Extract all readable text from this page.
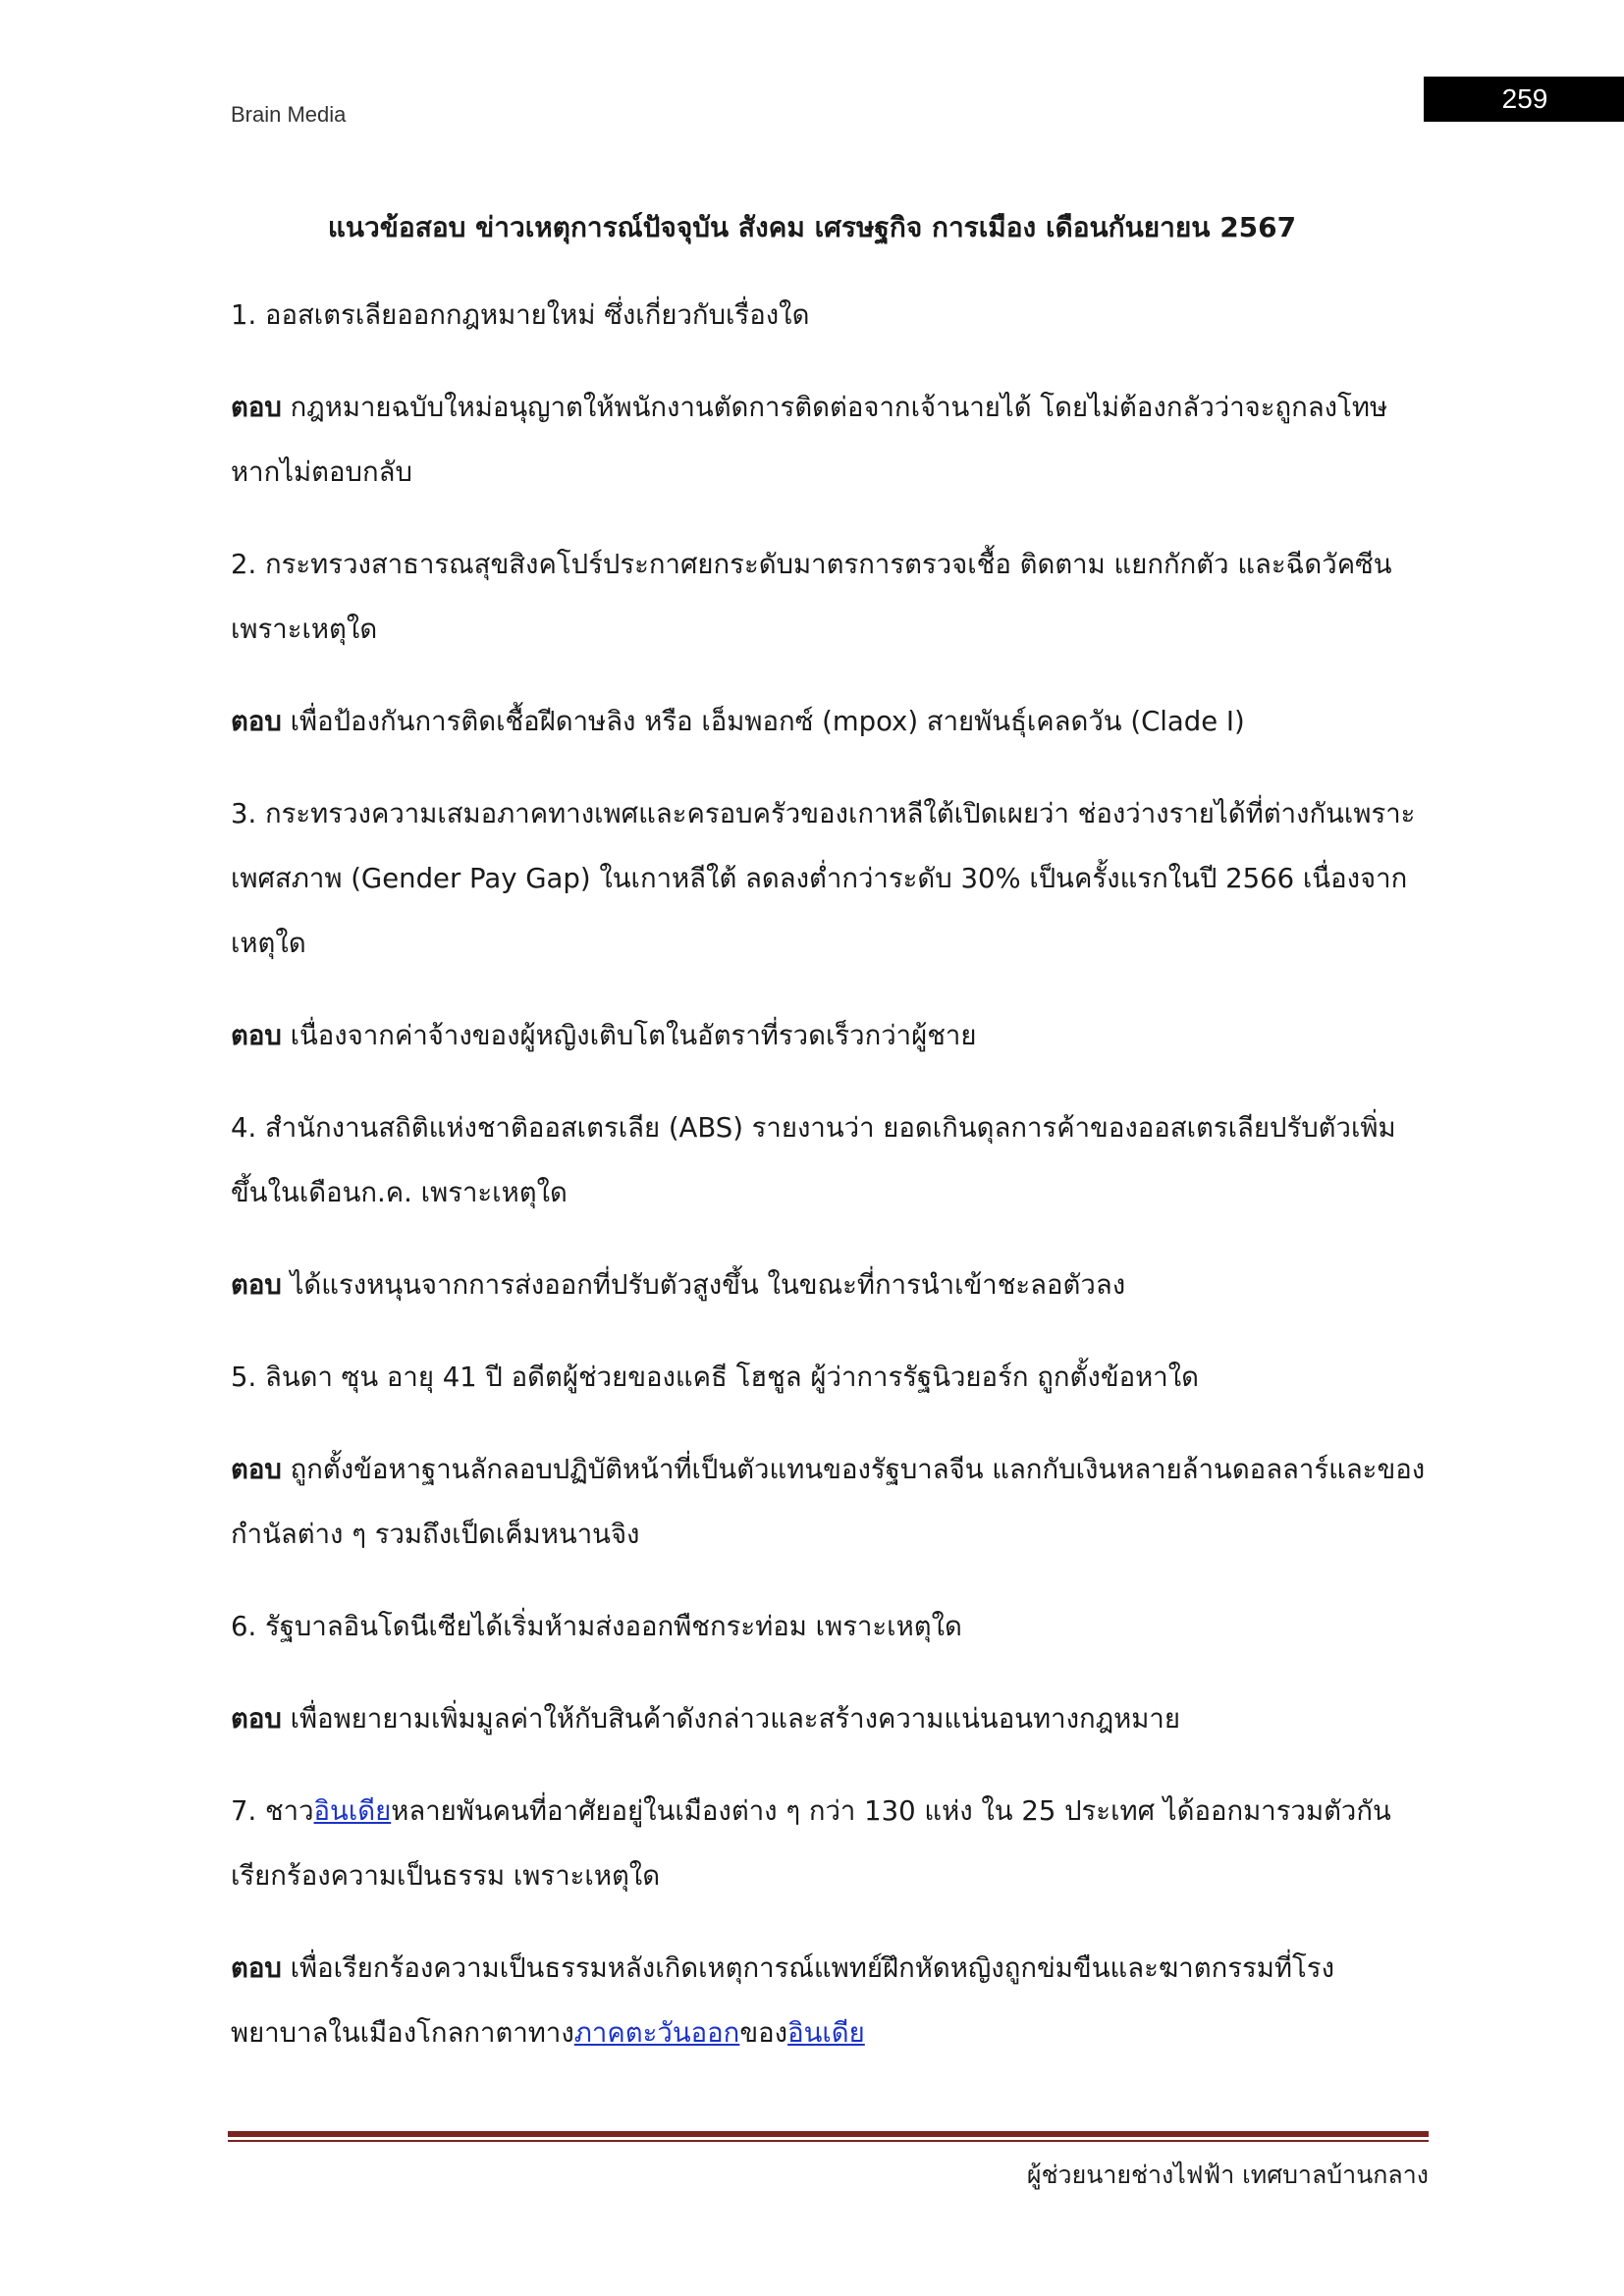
Brain Media
259
แนวข้อสอบ ข่าวเหตุการณ์ปัจจุบัน สังคม เศรษฐกิจ การเมือง เดือนกันยายน 2567

1. ออสเตรเลียออกกฎหมายใหม่ ซึ่งเกี่ยวกับเรื่องใด

ตอบ กฎหมายฉบับใหม่อนุญาตให้พนักงานตัดการติดต่อจากเจ้านายได้ โดยไม่ต้องกลัวว่าจะถูกลงโทษหากไม่ตอบกลับ

2. กระทรวงสาธารณสุขสิงคโปร์ประกาศยกระดับมาตรการตรวจเชื้อ ติดตาม แยกกักตัว และฉีดวัคซีนเพราะเหตุใด

ตอบ เพื่อป้องกันการติดเชื้อฝีดาษลิง หรือ เอ็มพอกซ์ (mpox) สายพันธุ์เคลดวัน (Clade I)

3. กระทรวงความเสมอภาคทางเพศและครอบครัวของเกาหลีใต้เปิดเผยว่า ช่องว่างรายได้ที่ต่างกันเพราะเพศสภาพ (Gender Pay Gap) ในเกาหลีใต้ ลดลงต่ำกว่าระดับ 30% เป็นครั้งแรกในปี 2566 เนื่องจากเหตุใด

ตอบ เนื่องจากค่าจ้างของผู้หญิงเติบโตในอัตราที่รวดเร็วกว่าผู้ชาย

4. สำนักงานสถิติแห่งชาติออสเตรเลีย (ABS) รายงานว่า ยอดเกินดุลการค้าของออสเตรเลียปรับตัวเพิ่มขึ้นในเดือนก.ค. เพราะเหตุใด

ตอบ ได้แรงหนุนจากการส่งออกที่ปรับตัวสูงขึ้น ในขณะที่การนำเข้าชะลอตัวลง

5. ลินดา ซุน อายุ 41 ปี อดีตผู้ช่วยของแคธี โฮชูล ผู้ว่าการรัฐนิวยอร์ก ถูกตั้งข้อหาใด

ตอบ ถูกตั้งข้อหาฐานลักลอบปฏิบัติหน้าที่เป็นตัวแทนของรัฐบาลจีน แลกกับเงินหลายล้านดอลลาร์และของกำนัลต่าง ๆ รวมถึงเป็ดเค็มหนานจิง

6. รัฐบาลอินโดนีเซียได้เริ่มห้ามส่งออกพืชกระท่อม เพราะเหตุใด

ตอบ เพื่อพยายามเพิ่มมูลค่าให้กับสินค้าดังกล่าวและสร้างความแน่นอนทางกฎหมาย

7. ชาวอินเดียหลายพันคนที่อาศัยอยู่ในเมืองต่าง ๆ กว่า 130 แห่ง ใน 25 ประเทศ ได้ออกมารวมตัวกันเรียกร้องความเป็นธรรม เพราะเหตุใด

ตอบ เพื่อเรียกร้องความเป็นธรรมหลังเกิดเหตุการณ์แพทย์ฝึกหัดหญิงถูกข่มขืนและฆาตกรรมที่โรงพยาบาลในเมืองโกลกาตาทางภาคตะวันออกของอินเดีย

ผู้ช่วยนายช่างไฟฟ้า เทศบาลบ้านกลาง
